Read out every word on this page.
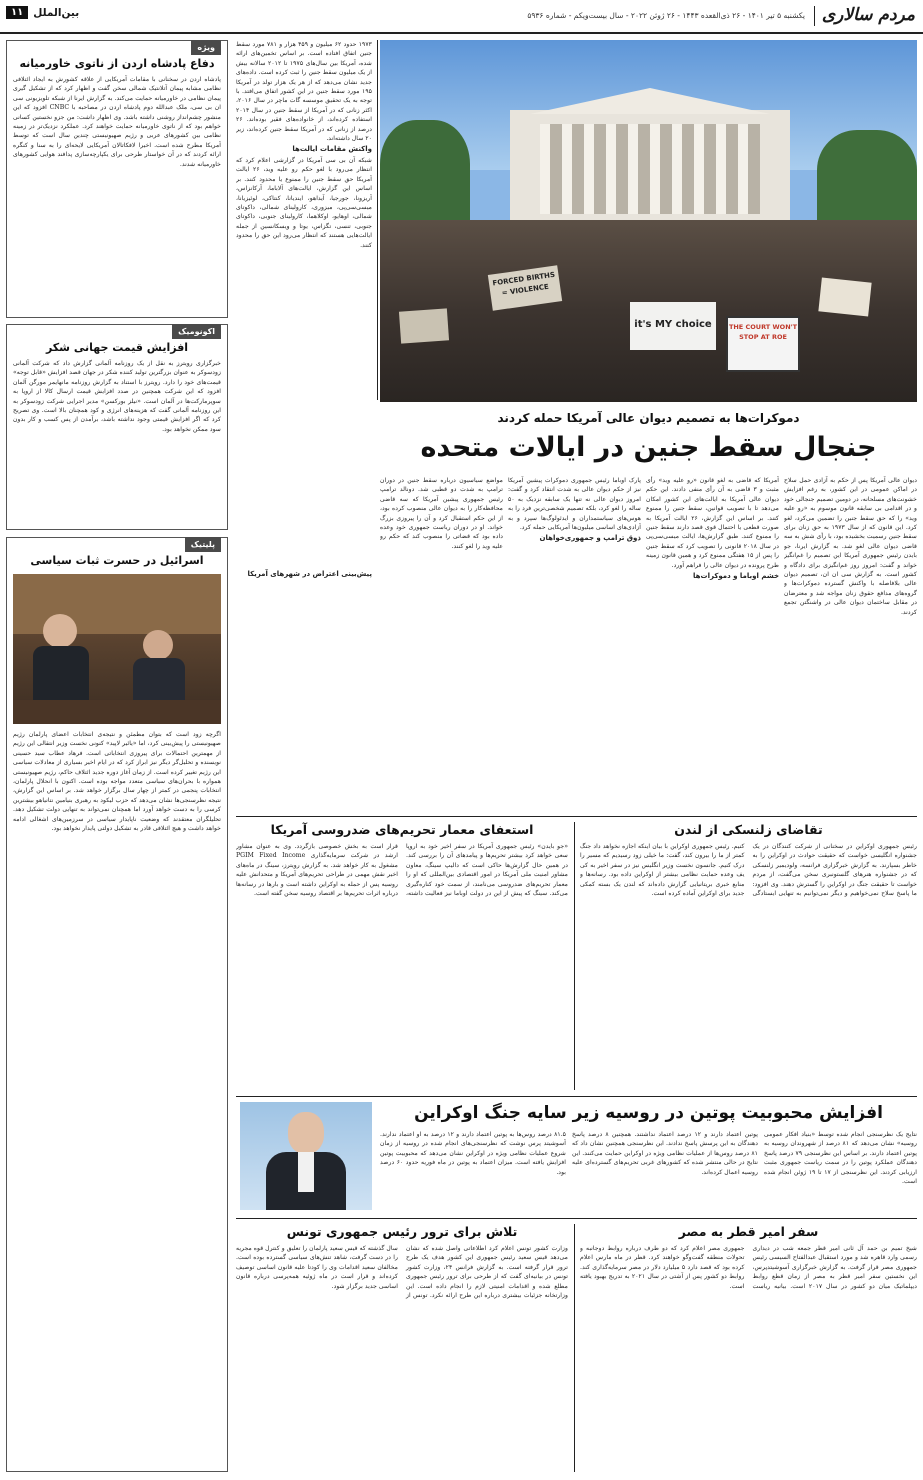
مردم سالاری
یکشنبه ۵ تیر ۱۴۰۱ - ۲۶ ذی‌القعده ۱۴۴۳ - ۲۶ ژوئن ۲۰۲۲ - سال بیست‌ویکم - شماره ۵۹۳۶
بین‌الملل
۱۱
ویژه
دفاع پادشاه اردن از ناتوی خاورمیانه
پادشاه اردن در سخنانی با مقامات آمریکایی از علاقه کشورش به ایجاد ائتلافی نظامی مشابه پیمان آتلانتیک شمالی سخن گفت و اظهار کرد که از تشکیل گیری پیمان نظامی در خاورمیانه حمایت می‌کند. به گزارش ایرنا از شبکه تلویزیونی سی ان بی سی، ملک عبدالله دوم پادشاه اردن در مصاحبه با CNBC افزود که این منشور چشم‌انداز روشنی داشته باشد. وی اظهار داشت: من جزو نخستین کسانی خواهم بود که از ناتوی خاورمیانه حمایت خواهند کرد. عملکرد نزدیک‌تر در زمینه نظامی بین کشورهای عربی و رژیم صهیونیستی چندین سال است که توسط آمریکا مطرح شده است. اخیرا لافکاتالان آمریکایی لایحه‌ای را به سنا و کنگره ارائه کردند که در آن خواستار طرحی برای یکپارچه‌سازی پدافند هوایی کشورهای خاورمیانه شدند.
اکونومیک
افزایش قیمت جهانی شکر
خبرگزاری رویترز به نقل از یک روزنامه آلمانی گزارش داد که شرکت آلمانی زودسوکر به عنوان بزرگترین تولید کننده شکر در جهان قصد افزایش «قابل توجه» قیمت‌های خود را دارد. رویترز با استناد به گزارش روزنامه مانهایمر مورگن آلمان افزود که این شرکت همچنین در صدد افزایش قیمت ارسال کالا از اروپا به سوپرمارکت‌ها در آلمان است. «نیلز بورکسن» مدیر اجرایی شرکت زودسوکر به این روزنامه آلمانی گفت که هزینه‌های انرژی و کود همچنان بالا است. وی تصریح کرد که اگر افزایش قیمتی وجود نداشته باشد، برآمدن از پس کسب و کار بدون سود ممکن نخواهد بود.
پلیتیک
اسرائیل در حسرت ثبات سیاسی
اگرچه زود است که بتوان مطمئن و نتیجه‌ی انتخابات اعضای پارلمان رژیم صهیونیستی را پیش‌بینی کرد، اما «یائیر لاپید» کنونی نخست وزیر انتقالی این رژیم از مهمترین احتمالات برای پیروزی انتخاباتی است. فرهاد عطاب سید حسینی نویسنده و تحلیل‌گر دیگر نیز ابراز کرد که در ایام اخیر بسیاری از معادلات سیاسی این رژیم تغییر کرده است. از زمان آغاز دوره جدید ائتلاف حاکم، رژیم صهیونیستی همواره با بحران‌های سیاسی متعدد مواجه بوده است. اکنون با انحلال پارلمان، انتخابات پنجمی در کمتر از چهار سال برگزار خواهد شد. بر اساس این گزارش، نتیجه نظرسنجی‌ها نشان می‌دهد که حزب لیکود به رهبری بنیامین نتانیاهو بیشترین کرسی را به دست خواهد آورد اما همچنان نمی‌تواند به تنهایی دولت تشکیل دهد. تحلیلگران معتقدند که وضعیت ناپایدار سیاسی در سرزمین‌های اشغالی ادامه خواهد داشت و هیچ ائتلافی قادر به تشکیل دولتی پایدار نخواهد بود.
۱۹۷۳ حدود ۶۲ میلیون و ۴۵۹ هزار و ۷۸۱ مورد سقط جنین اتفاق افتاده است. بر اساس تخمین‌های ارائه شده، آمریکا بین سال‌های ۱۹۷۵ تا ۲۰۱۲ سالانه بیش از یک میلیون سقط جنین را ثبت کرده است. داده‌های جدید نشان می‌دهد که از هر یک هزار تولد در آمریکا ۱۹۵ مورد سقط جنین در این کشور اتفاق می‌افتد. با توجه به یک تحقیق موسسه گات ماچر در سال ۲۰۱۶، اکثر زنانی که در آمریکا از سقط جنین در سال ۲۰۱۴ استفاده کرده‌اند، از خانواده‌های فقیر بوده‌اند. ۲۶ درصد از زنانی که در آمریکا سقط جنین کرده‌اند، زیر ۲۰ سال داشته‌اند.
واکنش مقامات ایالت‌ها
شبکه آن بی سی آمریکا در گزارشی اعلام کرد که انتظار می‌رود با لغو حکم رو علیه وید، ۲۶ ایالت آمریکا حق سقط جنین را ممنوع یا محدود کنند. بر اساس این گزارش، ایالت‌های آلاباما، آرکانزاس، آریزونا، جورجیا، آیداهو، ایندیانا، کنتاکی، لوئیزیانا، میسی‌سی‌پی، میزوری، کارولینای شمالی، داکوتای شمالی، اوهایو، اوکلاهما، کارولینای جنوبی، داکوتای جنوبی، تنسی، تگزاس، یوتا و ویسکانسین از جمله ایالت‌هایی هستند که انتظار می‌رود این حق را محدود کنند.
FORCED BIRTHS = VIOLENCE
it's MY choice	THE COURT WON'T STOP AT ROE
دموکرات‌ها به تصمیم دیوان عالی آمریکا حمله کردند
جنجال سقط جنین در ایالات متحده
دیوان عالی آمریکا پس از حکم به آزادی حمل سلاح در اماکن عمومی در این کشور، به رغم افزایش خشونت‌های مسلحانه، در دومین تصمیم جنجالی خود و در اقدامی بی سابقه قانون موسوم به «رو علیه وید» را که حق سقط جنین را تضمین می‌کرد، لغو کرد. این قانون که از سال ۱۹۷۳ به حق زنان برای سقط جنین رسمیت بخشیده بود، با رأی شش به سه قاضی دیوان عالی لغو شد. به گزارش ایرنا، جو بایدن رئیس جمهوری آمریکا این تصمیم را غم‌انگیز خواند و گفت: امروز روز غم‌انگیزی برای دادگاه و کشور است. به گزارش سی ان ان، تصمیم دیوان عالی بلافاصله با واکنش گسترده دموکرات‌ها و گروه‌های مدافع حقوق زنان مواجه شد و معترضان در مقابل ساختمان دیوان عالی در واشنگتن تجمع کردند.
آمریکا که قاضی به لغو قانون «رو علیه وید» رأی مثبت و ۳ قاضی به آن رأی منفی دادند. این حکم دیوان عالی آمریکا به ایالت‌های این کشور امکان می‌دهد تا با تصویب قوانین، سقط جنین را ممنوع کنند. بر اساس این گزارش، ۲۶ ایالت آمریکا به صورت قطعی یا احتمال قوی قصد دارند سقط جنین را ممنوع کنند. طبق گزارش‌ها، ایالت میسی‌سی‌پی در سال ۲۰۱۸ قانونی را تصویب کرد که سقط جنین را پس از ۱۵ هفتگی ممنوع کرد و همین قانون زمینه طرح پرونده در دیوان عالی را فراهم آورد.
خشم اوباما و دموکرات‌ها
پارک اوباما رئیس جمهوری دموکرات پیشین آمریکا نیز از حکم دیوان عالی به شدت انتقاد کرد و گفت: امروز دیوان عالی نه تنها یک سابقه نزدیک به ۵۰ ساله را لغو کرد، بلکه تصمیم شخصی‌ترین فرد را به هوس‌های سیاستمداران و ایدئولوگ‌ها سپرد و به آزادی‌های اساسی میلیون‌ها آمریکایی حمله کرد.
ذوق ترامپ و جمهوری‌خواهان
مواضع سیاسیون درباره سقط جنین در دوران ترامپ به شدت دو قطبی شد. دونالد ترامپ رئیس جمهوری پیشین آمریکا که سه قاضی محافظه‌کار را به دیوان عالی منصوب کرده بود، از این حکم استقبال کرد و آن را پیروزی بزرگ خواند. او در دوران ریاست جمهوری خود وعده داده بود که قضاتی را منصوب کند که حکم رو علیه وید را لغو کنند.
پیش‌بینی اعتراض در شهرهای آمریکا
تقاضای زلنسکی از لندن
رئیس جمهوری اوکراین در سخنانی از شرکت کنندگان در یک جشنواره انگلیسی خواست که حقیقت حوادث در اوکراین را به خاطر بسپارند. به گزارش خبرگزاری فرانسه، ولودیمیر زلنسکی که در جشنواره هنرهای گلستونبری سخن می‌گفت، از مردم خواست تا حقیقت جنگ در اوکراین را گسترش دهند. وی افزود: ما پاسخ سلاح نمی‌خواهیم و دیگر نمی‌توانیم به تنهایی ایستادگی کنیم. رئیس جمهوری اوکراین با بیان اینکه اجازه نخواهد داد جنگ کمتر از ما را بیرون کند، گفت: ما خیلی زود رسیدیم که مسیر را درک کنیم. جانسون نخست وزیر انگلیس نیز در سفر اخیر به کی یف وعده حمایت نظامی بیشتر از اوکراین داده بود. رسانه‌ها و منابع خبری بریتانیایی گزارش داده‌اند که لندن یک بسته کمکی جدید برای اوکراین آماده کرده است.
استعفای معمار تحریم‌های ضدروسی آمریکا
«جو بایدن» رئیس جمهوری آمریکا در سفر اخیر خود به اروپا سعی خواهد کرد بیشتر تحریم‌ها و پیامدهای آن را بررسی کند. در همین حال گزارش‌ها حاکی است که دالیپ سینگ، معاون مشاور امنیت ملی آمریکا در امور اقتصادی بین‌المللی که او را معمار تحریم‌های ضدروسی می‌نامند، از سمت خود کناره‌گیری می‌کند. سینگ که پیش از این در دولت اوباما نیز فعالیت داشته، قرار است به بخش خصوصی بازگردد. وی به عنوان مشاور ارشد در شرکت سرمایه‌گذاری PGIM Fixed Income مشغول به کار خواهد شد. به گزارش رویترز، سینگ در ماه‌های اخیر نقش مهمی در طراحی تحریم‌های آمریکا و متحدانش علیه روسیه پس از حمله به اوکراین داشته است و بارها در رسانه‌ها درباره اثرات تحریم‌ها بر اقتصاد روسیه سخن گفته است.
افزایش محبوبیت پوتین در روسیه زیر سایه جنگ اوکراین
نتایج یک نظرسنجی انجام شده توسط «بنیاد افکار عمومی روسیه» نشان می‌دهد که ۸۱ درصد از شهروندان روسیه به پوتین اعتماد دارند. بر اساس این نظرسنجی ۷۹ درصد پاسخ دهندگان عملکرد پوتین را در سمت ریاست جمهوری مثبت ارزیابی کردند. این نظرسنجی از ۱۷ تا ۱۹ ژوئن انجام شده است.
پوتین اعتماد دارند و ۱۲ درصد اعتماد نداشتند. همچنین ۸ درصد پاسخ دهندگان به این پرسش پاسخ ندادند. این نظرسنجی همچنین نشان داد که ۸۱ درصد روس‌ها از عملیات نظامی ویژه در اوکراین حمایت می‌کنند. این نتایج در حالی منتشر شده که کشورهای غربی تحریم‌های گسترده‌ای علیه روسیه اعمال کرده‌اند.
۸۱.۵ درصد روس‌ها به پوتین اعتماد دارند و ۱۲ درصد به او اعتماد ندارند. آسوشیتد پرس نوشت که نظرسنجی‌های انجام شده در روسیه از زمان شروع عملیات نظامی ویژه در اوکراین نشان می‌دهد که محبوبیت پوتین افزایش یافته است. میزان اعتماد به پوتین در ماه فوریه حدود ۶۰ درصد بود.
سفر امیر قطر به مصر
شیخ تمیم بن حمد آل ثانی امیر قطر جمعه شب در دیداری رسمی وارد قاهره شد و مورد استقبال عبدالفتاح السیسی رئیس جمهوری مصر قرار گرفت. به گزارش خبرگزاری آسوشیتدپرس، این نخستین سفر امیر قطر به مصر از زمان قطع روابط دیپلماتیک میان دو کشور در سال ۲۰۱۷ است. بیانیه ریاست جمهوری مصر اعلام کرد که دو طرف درباره روابط دوجانبه و تحولات منطقه گفت‌وگو خواهند کرد. قطر در ماه مارس اعلام کرده بود که قصد دارد ۵ میلیارد دلار در مصر سرمایه‌گذاری کند. روابط دو کشور پس از آشتی در سال ۲۰۲۱ به تدریج بهبود یافته است.
تلاش برای ترور رئیس جمهوری تونس
وزارت کشور تونس اعلام کرد اطلاعاتی واصل شده که نشان می‌دهد قیس سعید رئیس جمهوری این کشور هدف یک طرح ترور قرار گرفته است. به گزارش فرانس ۲۴، وزارت کشور تونس در بیانیه‌ای گفت که از طرحی برای ترور رئیس جمهوری مطلع شده و اقدامات امنیتی لازم را انجام داده است. این وزارتخانه جزئیات بیشتری درباره این طرح ارائه نکرد. تونس از سال گذشته که قیس سعید پارلمان را تعلیق و کنترل قوه مجریه را در دست گرفت، شاهد تنش‌های سیاسی گسترده بوده است. مخالفان سعید اقدامات وی را کودتا علیه قانون اساسی توصیف کرده‌اند و قرار است در ماه ژوئیه همه‌پرسی درباره قانون اساسی جدید برگزار شود.
